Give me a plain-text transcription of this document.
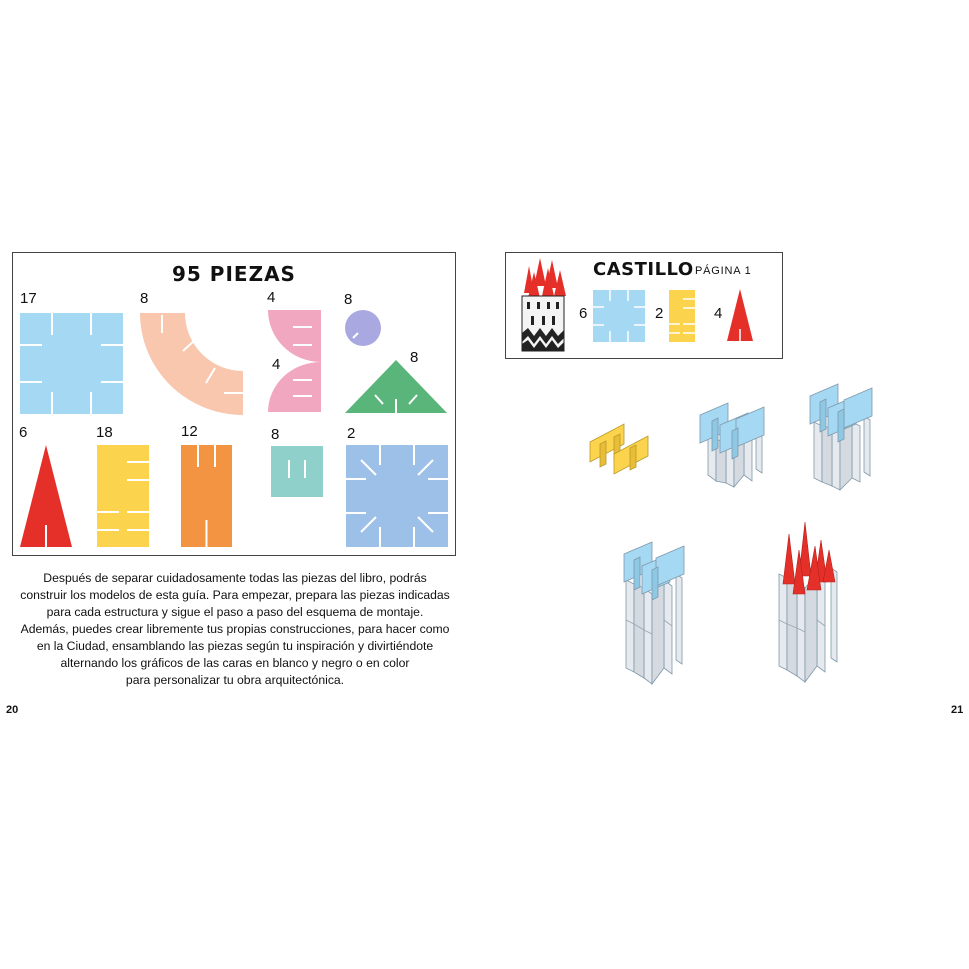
95 PIEZAS
17	8	4
4
8
8
6	18	12	8	2
Después de separar cuidadosamente todas las piezas del libro, podrás
construir los modelos de esta guía. Para empezar, prepara las piezas indicadas
para cada estructura y sigue el paso a paso del esquema de montaje.
Además, puedes crear libremente tus propias construcciones, para hacer como
en la Ciudad, ensamblando las piezas según tu inspiración y divirtiéndote
alternando los gráficos de las caras en blanco y negro o en color
para personalizar tu obra arquitectónica.
20
CASTILLO PÁGINA 1
6	2	4
21
